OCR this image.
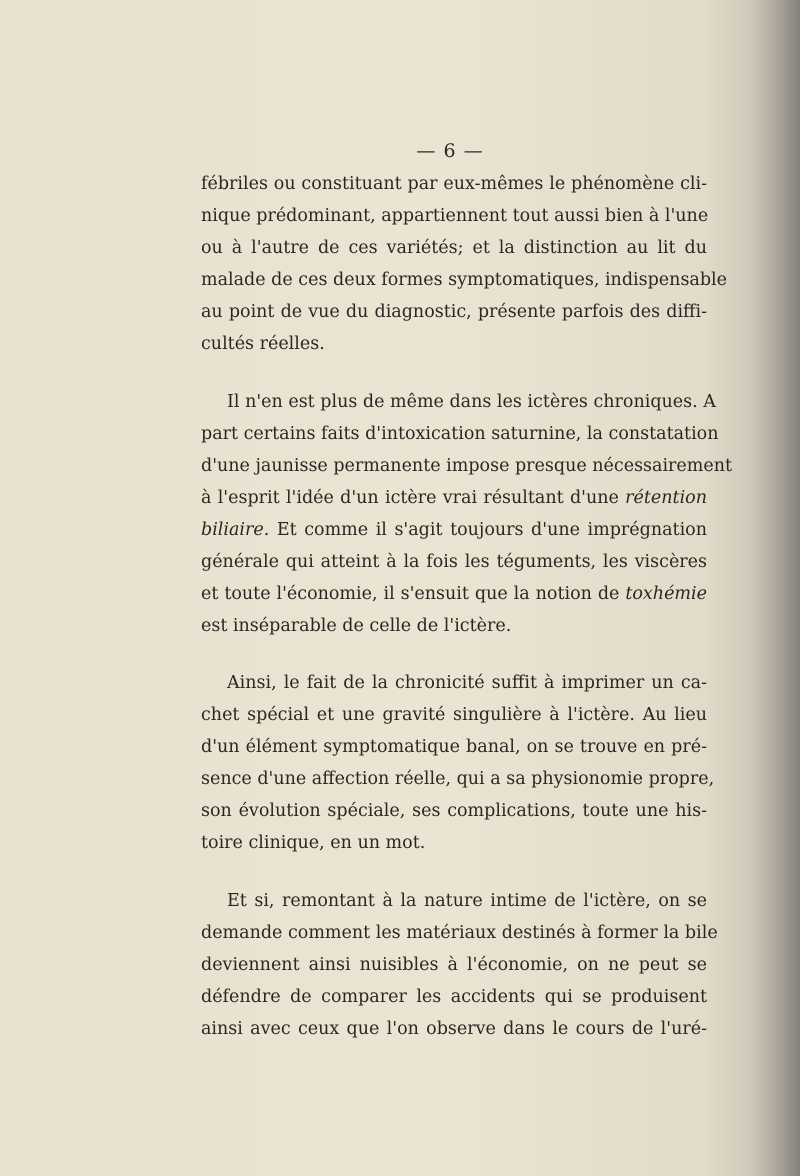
— 6 —
fébriles ou constituant par eux-mêmes le phénomène cli-
nique prédominant, appartiennent tout aussi bien à l'une
ou à l'autre de ces variétés; et la distinction au lit du
malade de ces deux formes symptomatiques, indispensable
au point de vue du diagnostic, présente parfois des diffi-
cultés réelles.
Il n'en est plus de même dans les ictères chroniques. A
part certains faits d'intoxication saturnine, la constatation
d'une jaunisse permanente impose presque nécessairement
à l'esprit l'idée d'un ictère vrai résultant d'une rétention
biliaire. Et comme il s'agit toujours d'une imprégnation
générale qui atteint à la fois les téguments, les viscères
et toute l'économie, il s'ensuit que la notion de toxhémie
est inséparable de celle de l'ictère.
Ainsi, le fait de la chronicité suffit à imprimer un ca-
chet spécial et une gravité singulière à l'ictère. Au lieu
d'un élément symptomatique banal, on se trouve en pré-
sence d'une affection réelle, qui a sa physionomie propre,
son évolution spéciale, ses complications, toute une his-
toire clinique, en un mot.
Et si, remontant à la nature intime de l'ictère, on se
demande comment les matériaux destinés à former la bile
deviennent ainsi nuisibles à l'économie, on ne peut se
défendre de comparer les accidents qui se produisent
ainsi avec ceux que l'on observe dans le cours de l'uré-
